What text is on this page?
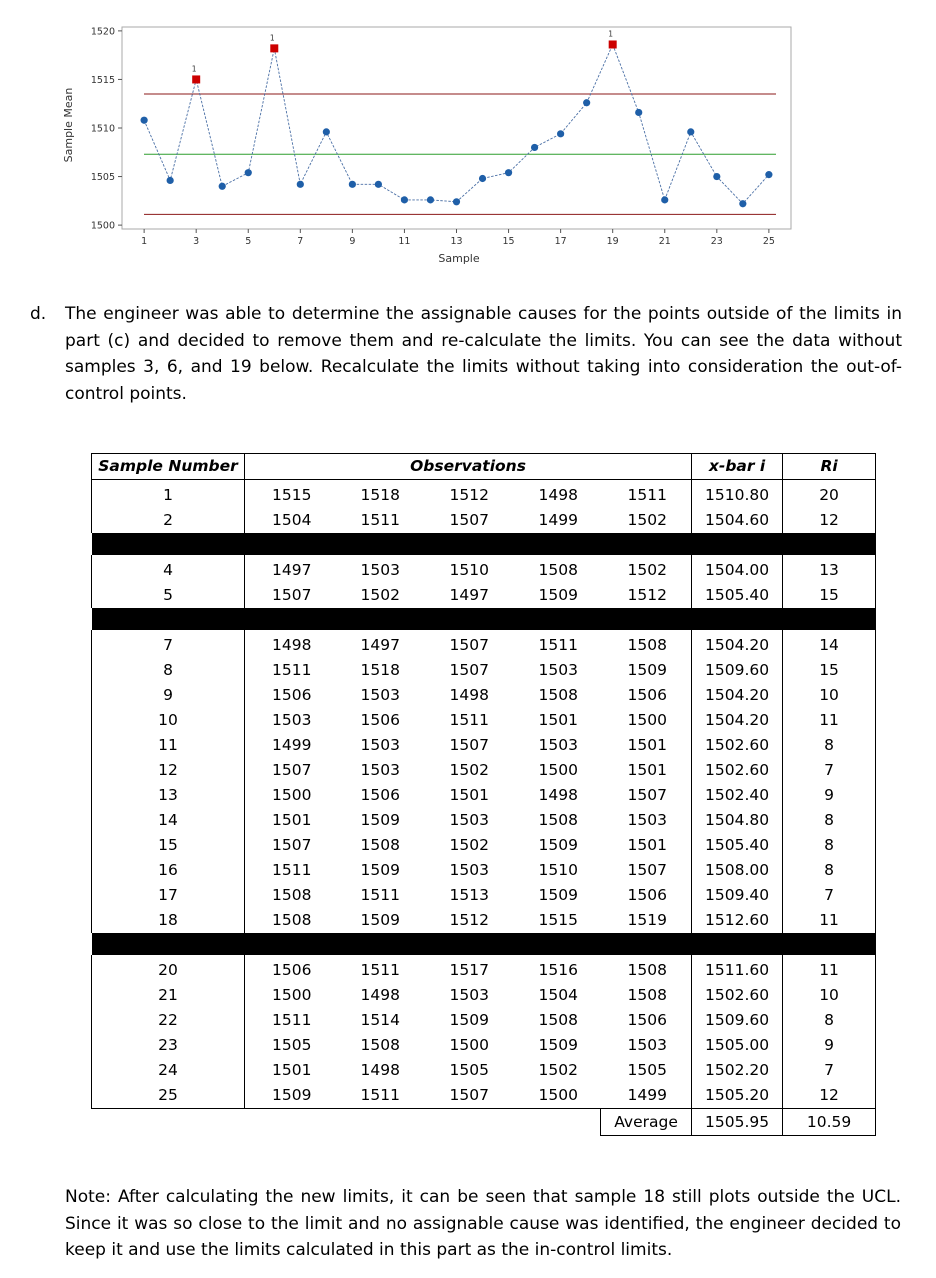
1
1	1
1500
1505
1510
1515
1520
1	3	5	7	9	11	13	15	17	19	21	23	25
Sample
Sample Mean
d. The engineer was able to determine the assignable causes for the points outside of the limits in part (c) and decided to remove them and re-calculate the limits. You can see the data without samples 3, 6, and 19 below. Recalculate the limits without taking into consideration the out-of-control points.
Sample Number	Observations					x-bar i	Ri
1	1515	1518	1512	1498	1511	1510.80	20
2	1504	1511	1507	1499	1502	1504.60	12

4	1497	1503	1510	1508	1502	1504.00	13
5	1507	1502	1497	1509	1512	1505.40	15

7	1498	1497	1507	1511	1508	1504.20	14
8	1511	1518	1507	1503	1509	1509.60	15
9	1506	1503	1498	1508	1506	1504.20	10
10	1503	1506	1511	1501	1500	1504.20	11
11	1499	1503	1507	1503	1501	1502.60	8
12	1507	1503	1502	1500	1501	1502.60	7
13	1500	1506	1501	1498	1507	1502.40	9
14	1501	1509	1503	1508	1503	1504.80	8
15	1507	1508	1502	1509	1501	1505.40	8
16	1511	1509	1503	1510	1507	1508.00	8
17	1508	1511	1513	1509	1506	1509.40	7
18	1508	1509	1512	1515	1519	1512.60	11

20	1506	1511	1517	1516	1508	1511.60	11
21	1500	1498	1503	1504	1508	1502.60	10
22	1511	1514	1509	1508	1506	1509.60	8
23	1505	1508	1500	1509	1503	1505.00	9
24	1501	1498	1505	1502	1505	1502.20	7
25	1509	1511	1507	1500	1499	1505.20	12
					Average	1505.95	10.59

Note: After calculating the new limits, it can be seen that sample 18 still plots outside the UCL. Since it was so close to the limit and no assignable cause was identified, the engineer decided to keep it and use the limits calculated in this part as the in-control limits.
